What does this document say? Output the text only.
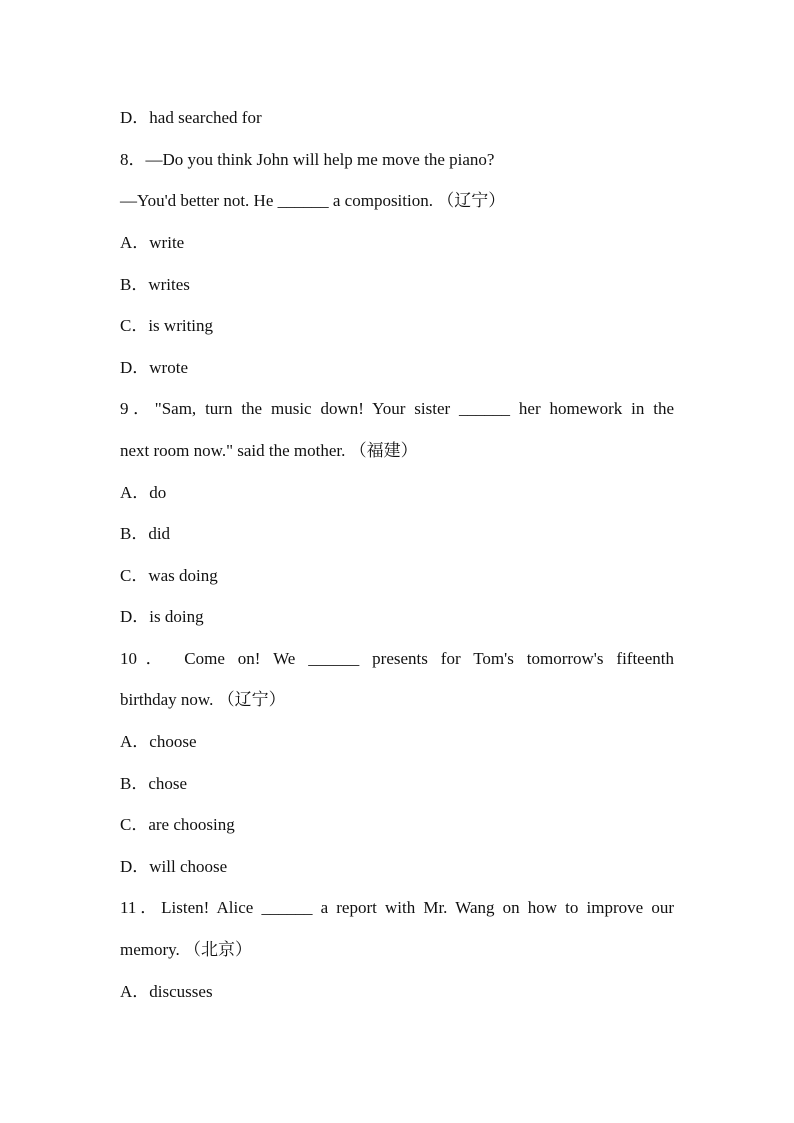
D．had searched for
8．—Do you think John will help me move the piano?
—You'd better not. He ______ a composition. （辽宁）
A．write
B．writes
C．is writing
D．wrote
9．"Sam, turn the music down! Your sister ______ her homework in the
next room now." said the mother. （福建）
A．do
B．did
C．was doing
D．is doing
10． Come on! We ______ presents for Tom's tomorrow's fifteenth
birthday now. （辽宁）
A．choose
B．chose
C．are choosing
D．will choose
11．Listen! Alice ______ a report with Mr. Wang on how to improve our
memory. （北京）
A．discusses
